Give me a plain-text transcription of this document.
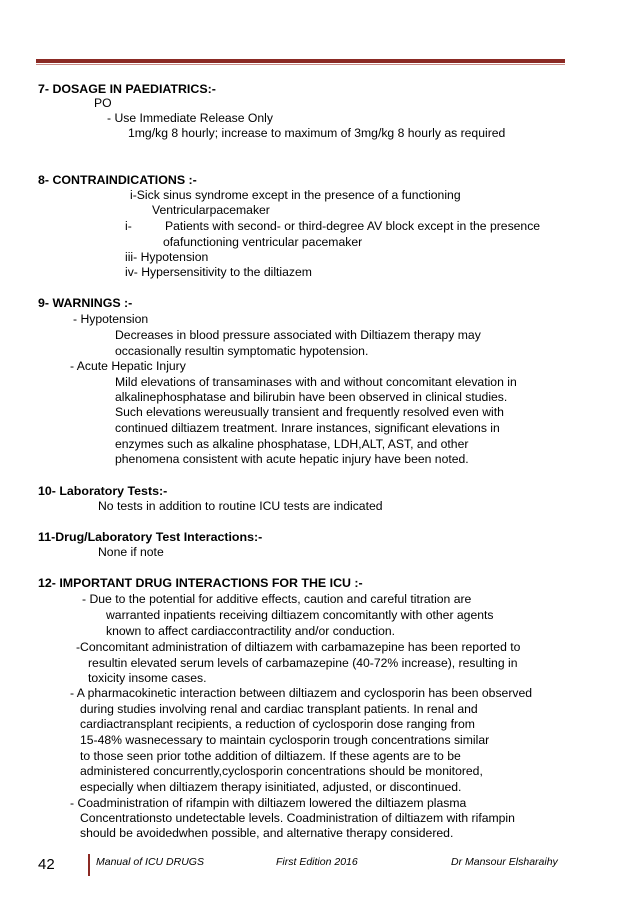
7- DOSAGE IN PAEDIATRICS:-
PO
- Use Immediate Release Only
1mg/kg 8 hourly; increase to maximum of 3mg/kg 8 hourly as required
8- CONTRAINDICATIONS :-
i-Sick sinus syndrome except in the presence of a functioning
Ventricularpacemaker
i-	Patients with second- or third-degree AV block except in the presence
ofafunctioning ventricular pacemaker
iii- Hypotension
iv- Hypersensitivity to the diltiazem
9- WARNINGS :-
- Hypotension
Decreases in blood pressure associated with Diltiazem therapy may
occasionally resultin symptomatic hypotension.
- Acute Hepatic Injury
Mild elevations of transaminases with and without concomitant elevation in
alkalinephosphatase and bilirubin have been observed in clinical studies.
Such elevations wereusually transient and frequently resolved even with
continued diltiazem treatment. Inrare instances, significant elevations in
enzymes such as alkaline phosphatase, LDH,ALT, AST, and other
phenomena consistent with acute hepatic injury have been noted.
10- Laboratory Tests:-
No tests in addition to routine ICU tests are indicated
11-Drug/Laboratory Test Interactions:-
None if note
12- IMPORTANT DRUG INTERACTIONS FOR THE ICU :-
- Due to the potential for additive effects, caution and careful titration are
warranted inpatients receiving diltiazem concomitantly with other agents
known to affect cardiaccontractility and/or conduction.
-Concomitant administration of diltiazem with carbamazepine has been reported to
resultin elevated serum levels of carbamazepine (40-72% increase), resulting in
toxicity insome cases.
- A pharmacokinetic interaction between diltiazem and cyclosporin has been observed
during studies involving renal and cardiac transplant patients. In renal and
cardiactransplant recipients, a reduction of cyclosporin dose ranging from
15-48% wasnecessary to maintain cyclosporin trough concentrations similar
to those seen prior tothe addition of diltiazem. If these agents are to be
administered concurrently,cyclosporin concentrations should be monitored,
especially when diltiazem therapy isinitiated, adjusted, or discontinued.
- Coadministration of rifampin with diltiazem lowered the diltiazem plasma
Concentrationsto undetectable levels. Coadministration of diltiazem with rifampin
should be avoidedwhen possible, and alternative therapy considered.
42	Manual of ICU DRUGS	First Edition 2016	Dr Mansour Elsharaihy
